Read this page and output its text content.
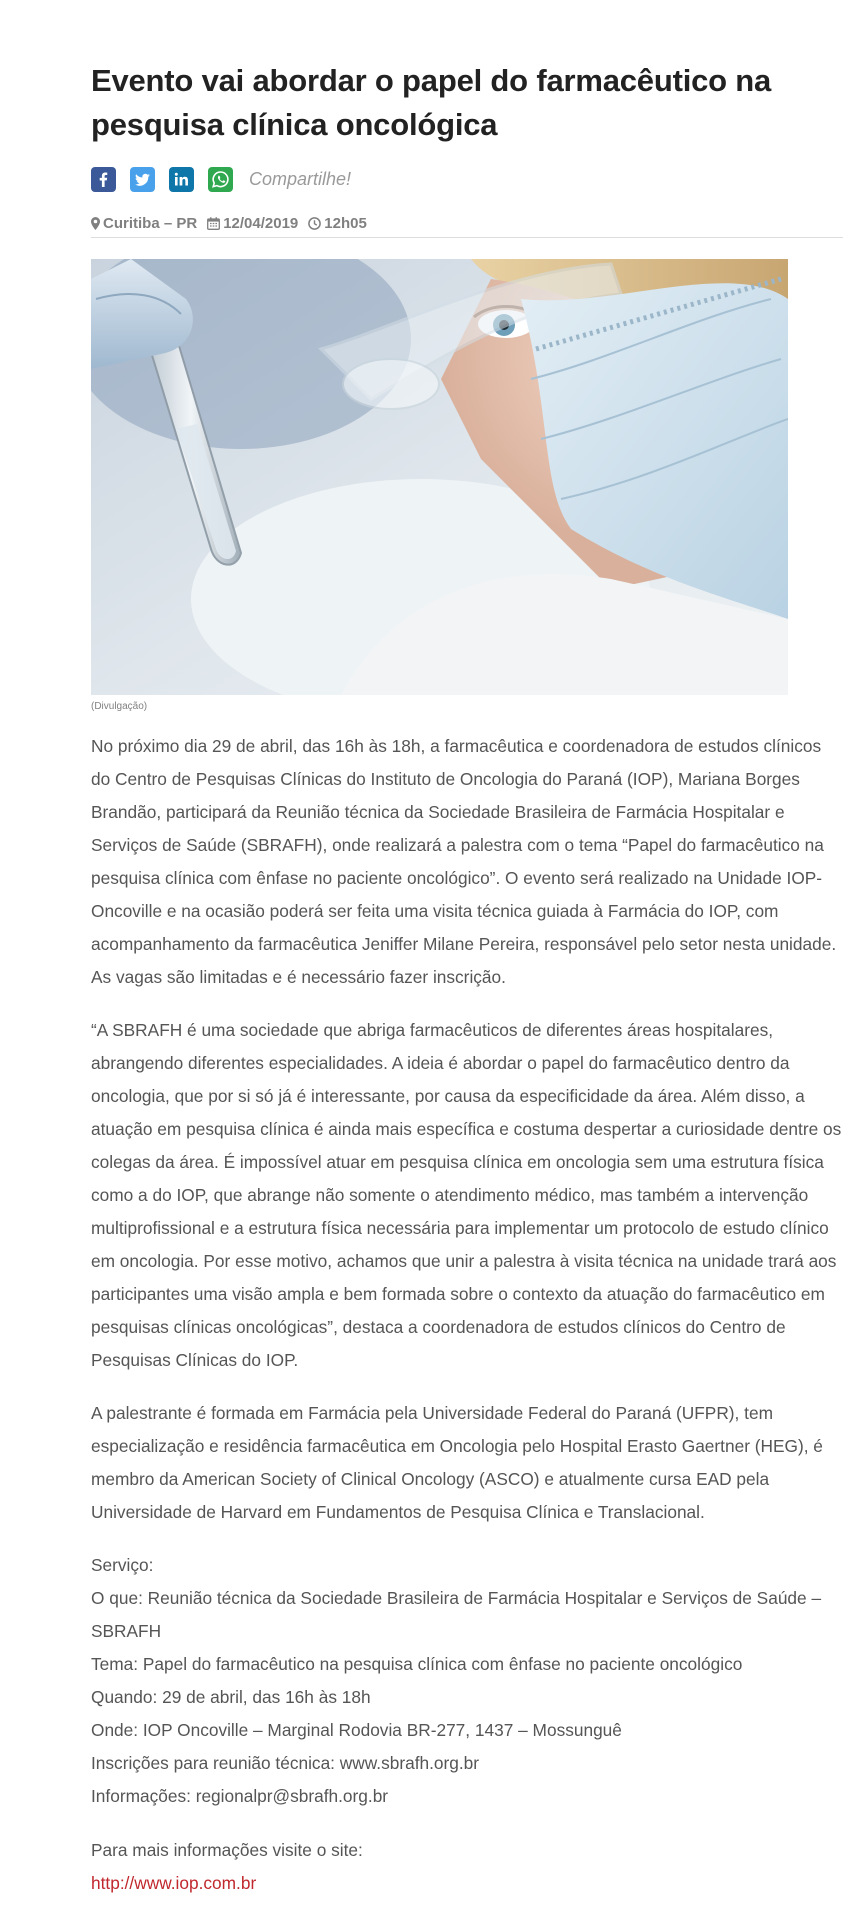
Evento vai abordar o papel do farmacêutico na pesquisa clínica oncológica
Compartilhe!
Curitiba – PR 12/04/2019 12h05
(Divulgação)

No próximo dia 29 de abril, das 16h às 18h, a farmacêutica e coordenadora de estudos clínicos do Centro de Pesquisas Clínicas do Instituto de Oncologia do Paraná (IOP), Mariana Borges Brandão, participará da Reunião técnica da Sociedade Brasileira de Farmácia Hospitalar e Serviços de Saúde (SBRAFH), onde realizará a palestra com o tema “Papel do farmacêutico na pesquisa clínica com ênfase no paciente oncológico”. O evento será realizado na Unidade IOP-Oncoville e na ocasião poderá ser feita uma visita técnica guiada à Farmácia do IOP, com acompanhamento da farmacêutica Jeniffer Milane Pereira, responsável pelo setor nesta unidade. As vagas são limitadas e é necessário fazer inscrição.

“A SBRAFH é uma sociedade que abriga farmacêuticos de diferentes áreas hospitalares, abrangendo diferentes especialidades. A ideia é abordar o papel do farmacêutico dentro da oncologia, que por si só já é interessante, por causa da especificidade da área. Além disso, a atuação em pesquisa clínica é ainda mais específica e costuma despertar a curiosidade dentre os colegas da área. É impossível atuar em pesquisa clínica em oncologia sem uma estrutura física como a do IOP, que abrange não somente o atendimento médico, mas também a intervenção multiprofissional e a estrutura física necessária para implementar um protocolo de estudo clínico em oncologia. Por esse motivo, achamos que unir a palestra à visita técnica na unidade trará aos participantes uma visão ampla e bem formada sobre o contexto da atuação do farmacêutico em pesquisas clínicas oncológicas”, destaca a coordenadora de estudos clínicos do Centro de Pesquisas Clínicas do IOP.

A palestrante é formada em Farmácia pela Universidade Federal do Paraná (UFPR), tem especialização e residência farmacêutica em Oncologia pelo Hospital Erasto Gaertner (HEG), é membro da American Society of Clinical Oncology (ASCO) e atualmente cursa EAD pela Universidade de Harvard em Fundamentos de Pesquisa Clínica e Translacional.

Serviço:

O que: Reunião técnica da Sociedade Brasileira de Farmácia Hospitalar e Serviços de Saúde – SBRAFH

Tema: Papel do farmacêutico na pesquisa clínica com ênfase no paciente oncológico

Quando: 29 de abril, das 16h às 18h

Onde: IOP Oncoville – Marginal Rodovia BR-277, 1437 – Mossunguê

Inscrições para reunião técnica: www.sbrafh.org.br

Informações: regionalpr@sbrafh.org.br

Para mais informações visite o site:

http://www.iop.com.br
